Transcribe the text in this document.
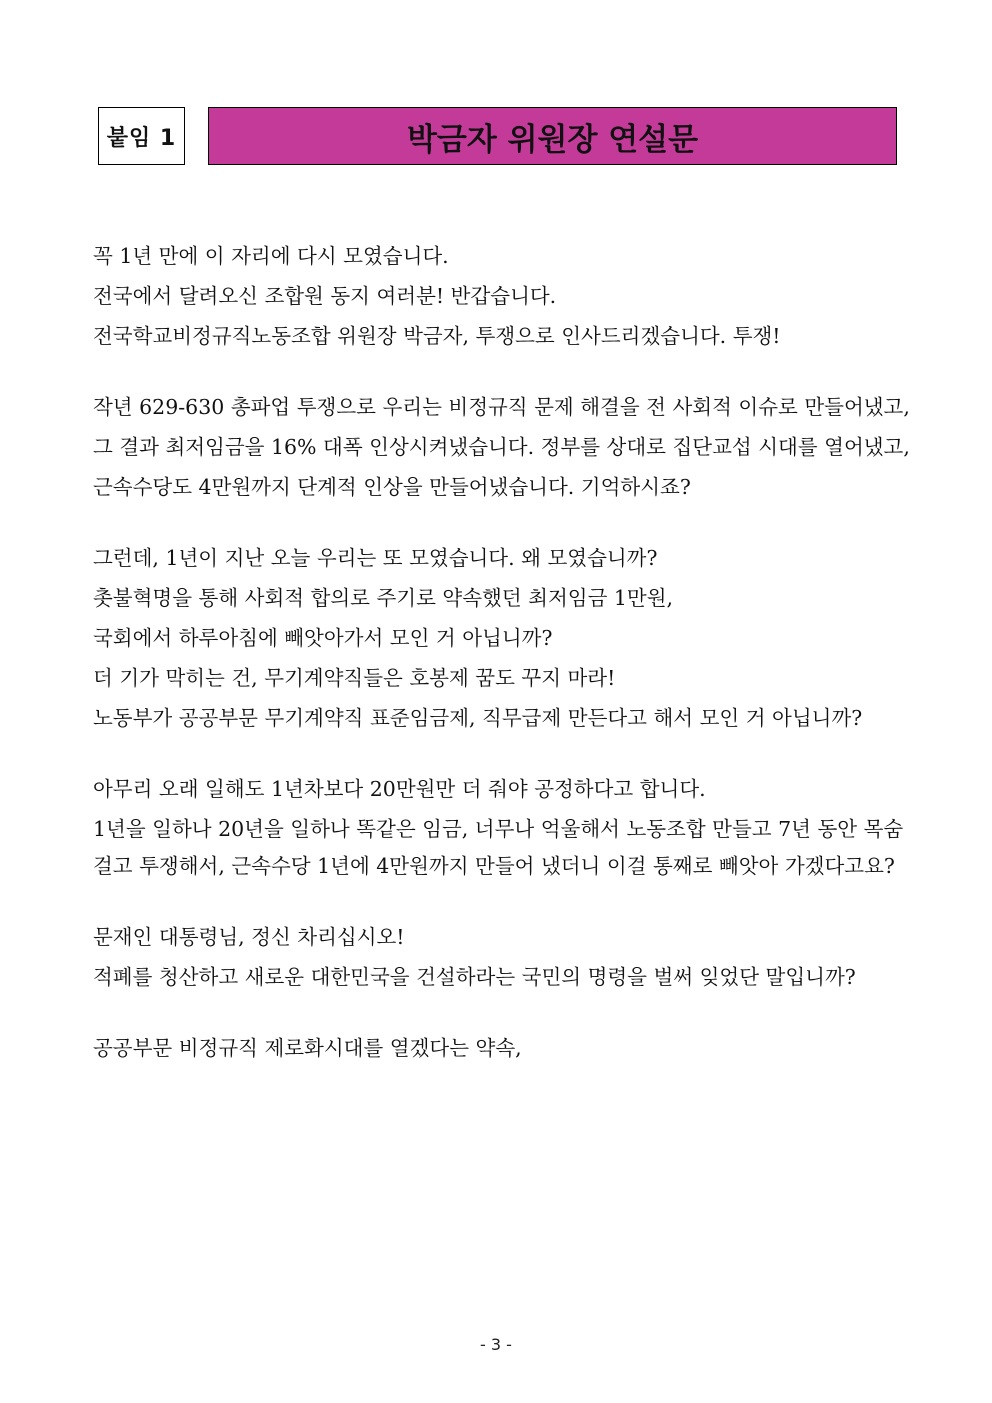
붙임 1	박금자 위원장 연설문
꼭 1년 만에 이 자리에 다시 모였습니다.
전국에서 달려오신 조합원 동지 여러분! 반갑습니다.
전국학교비정규직노동조합 위원장 박금자, 투쟁으로 인사드리겠습니다. 투쟁!
작년 629-630 총파업 투쟁으로 우리는 비정규직 문제 해결을 전 사회적 이슈로 만들어냈고,
그 결과 최저임금을 16% 대폭 인상시켜냈습니다. 정부를 상대로 집단교섭 시대를 열어냈고,
근속수당도 4만원까지 단계적 인상을 만들어냈습니다. 기억하시죠?
그런데, 1년이 지난 오늘 우리는 또 모였습니다. 왜 모였습니까?
촛불혁명을 통해 사회적 합의로 주기로 약속했던 최저임금 1만원,
국회에서 하루아침에 빼앗아가서 모인 거 아닙니까?
더 기가 막히는 건, 무기계약직들은 호봉제 꿈도 꾸지 마라!
노동부가 공공부문 무기계약직 표준임금제, 직무급제 만든다고 해서 모인 거 아닙니까?
아무리 오래 일해도 1년차보다 20만원만 더 줘야 공정하다고 합니다.
1년을 일하나 20년을 일하나 똑같은 임금, 너무나 억울해서 노동조합 만들고 7년 동안 목숨
걸고 투쟁해서, 근속수당 1년에 4만원까지 만들어 냈더니 이걸 통째로 빼앗아 가겠다고요?
문재인 대통령님, 정신 차리십시오!
적폐를 청산하고 새로운 대한민국을 건설하라는 국민의 명령을 벌써 잊었단 말입니까?
공공부문 비정규직 제로화시대를 열겠다는 약속,
- 3 -
